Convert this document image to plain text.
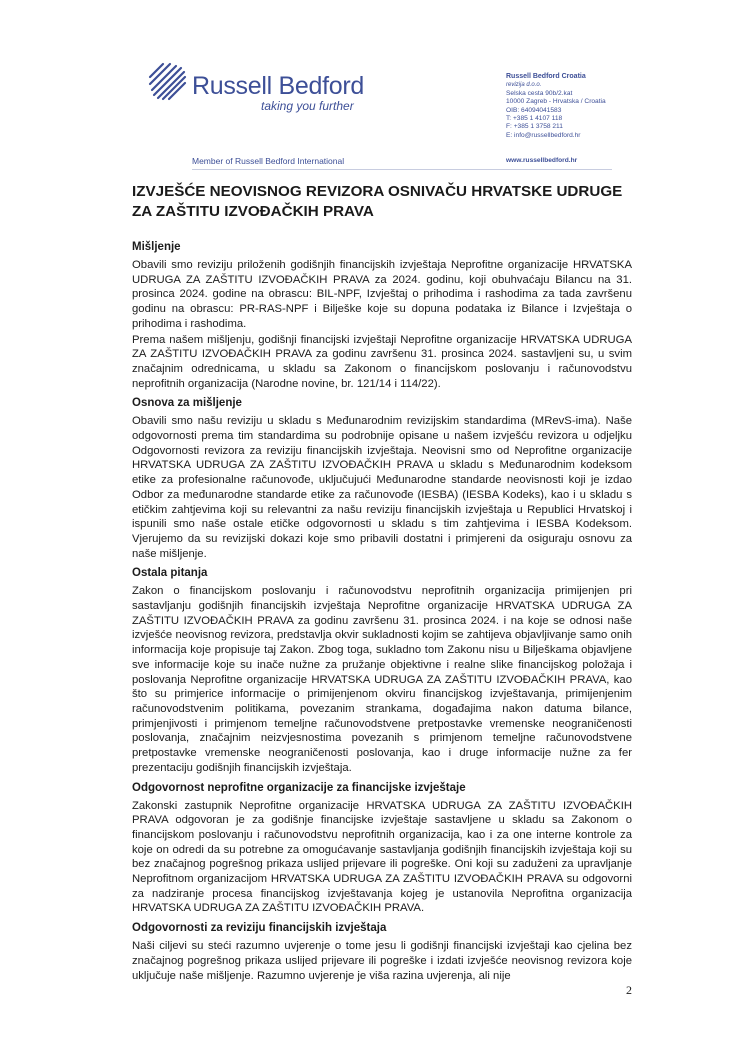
Russell Bedford
taking you further
Member of Russell Bedford International
Russell Bedford Croatia
revizija d.o.o.
Selska cesta 90b/2.kat
10000 Zagreb - Hrvatska / Croatia
OIB: 64094041583
T: +385 1 4107 118
F: +385 1 3758 211
E: info@russellbedford.hr
www.russellbedford.hr
IZVJEŠĆE NEOVISNOG REVIZORA OSNIVAČU HRVATSKE UDRUGE ZA ZAŠTITU IZVOĐAČKIH PRAVA
Mišljenje

Obavili smo reviziju priloženih godišnjih financijskih izvještaja Neprofitne organizacije HRVATSKA UDRUGA ZA ZAŠTITU IZVOĐAČKIH PRAVA za 2024. godinu, koji obuhvaćaju Bilancu na 31. prosinca 2024. godine na obrascu: BIL-NPF, Izvještaj o prihodima i rashodima za tada završenu godinu na obrascu: PR-RAS-NPF i Bilješke koje su dopuna podataka iz Bilance i Izvještaja o prihodima i rashodima.

Prema našem mišljenju, godišnji financijski izvještaji Neprofitne organizacije HRVATSKA UDRUGA ZA ZAŠTITU IZVOĐAČKIH PRAVA za godinu završenu 31. prosinca 2024. sastavljeni su, u svim značajnim odrednicama, u skladu sa Zakonom o financijskom poslovanju i računovodstvu neprofitnih organizacija (Narodne novine, br. 121/14 i 114/22).

Osnova za mišljenje

Obavili smo našu reviziju u skladu s Međunarodnim revizijskim standardima (MRevS-ima). Naše odgovornosti prema tim standardima su podrobnije opisane u našem izvješću revizora u odjeljku Odgovornosti revizora za reviziju financijskih izvještaja. Neovisni smo od Neprofitne organizacije HRVATSKA UDRUGA ZA ZAŠTITU IZVOĐAČKIH PRAVA u skladu s Međunarodnim kodeksom etike za profesionalne računovođe, uključujući Međunarodne standarde neovisnosti koji je izdao Odbor za međunarodne standarde etike za računovođe (IESBA) (IESBA Kodeks), kao i u skladu s etičkim zahtjevima koji su relevantni za našu reviziju financijskih izvještaja u Republici Hrvatskoj i ispunili smo naše ostale etičke odgovornosti u skladu s tim zahtjevima i IESBA Kodeksom. Vjerujemo da su revizijski dokazi koje smo pribavili dostatni i primjereni da osiguraju osnovu za naše mišljenje.

Ostala pitanja

Zakon o financijskom poslovanju i računovodstvu neprofitnih organizacija primijenjen pri sastavljanju godišnjih financijskih izvještaja Neprofitne organizacije HRVATSKA UDRUGA ZA ZAŠTITU IZVOĐAČKIH PRAVA za godinu završenu 31. prosinca 2024. i na koje se odnosi naše izvješće neovisnog revizora, predstavlja okvir sukladnosti kojim se zahtijeva objavljivanje samo onih informacija koje propisuje taj Zakon. Zbog toga, sukladno tom Zakonu nisu u Bilješkama objavljene sve informacije koje su inače nužne za pružanje objektivne i realne slike financijskog položaja i poslovanja Neprofitne organizacije HRVATSKA UDRUGA ZA ZAŠTITU IZVOĐAČKIH PRAVA, kao što su primjerice informacije o primijenjenom okviru financijskog izvještavanja, primijenjenim računovodstvenim politikama, povezanim strankama, događajima nakon datuma bilance, primjenjivosti i primjenom temeljne računovodstvene pretpostavke vremenske neograničenosti poslovanja, značajnim neizvjesnostima povezanih s primjenom temeljne računovodstvene pretpostavke vremenske neograničenosti poslovanja, kao i druge informacije nužne za fer prezentaciju godišnjih financijskih izvještaja.

Odgovornost neprofitne organizacije za financijske izvještaje

Zakonski zastupnik Neprofitne organizacije HRVATSKA UDRUGA ZA ZAŠTITU IZVOĐAČKIH PRAVA odgovoran je za godišnje financijske izvještaje sastavljene u skladu sa Zakonom o financijskom poslovanju i računovodstvu neprofitnih organizacija, kao i za one interne kontrole za koje on odredi da su potrebne za omogućavanje sastavljanja godišnjih financijskih izvještaja koji su bez značajnog pogrešnog prikaza uslijed prijevare ili pogreške. Oni koji su zaduženi za upravljanje Neprofitnom organizacijom HRVATSKA UDRUGA ZA ZAŠTITU IZVOĐAČKIH PRAVA su odgovorni za nadziranje procesa financijskog izvještavanja kojeg je ustanovila Neprofitna organizacija HRVATSKA UDRUGA ZA ZAŠTITU IZVOĐAČKIH PRAVA.

Odgovornosti za reviziju financijskih izvještaja

Naši ciljevi su steći razumno uvjerenje o tome jesu li godišnji financijski izvještaji kao cjelina bez značajnog pogrešnog prikaza uslijed prijevare ili pogreške i izdati izvješće neovisnog revizora koje uključuje naše mišljenje. Razumno uvjerenje je viša razina uvjerenja, ali nije

2
